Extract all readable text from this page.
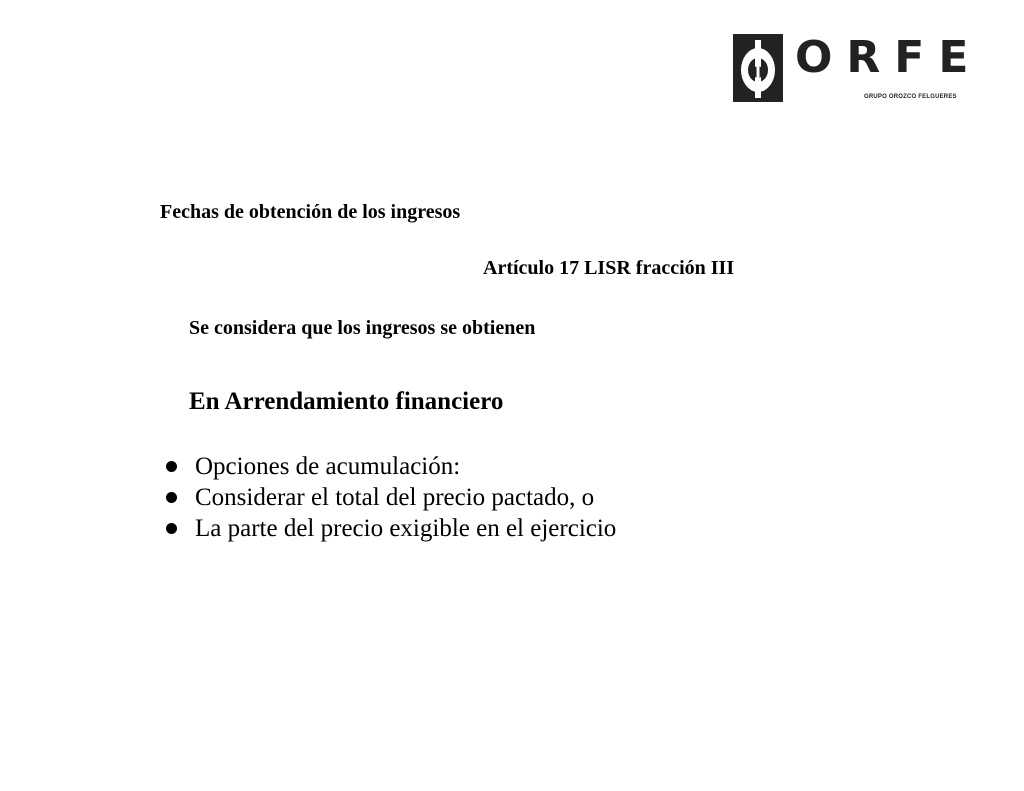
ORFE
GRUPO OROZCO FELGUERES

Fechas de obtención de los ingresos

Artículo 17 LISR fracción III

Se considera que los ingresos se obtienen

En Arrendamiento financiero

Opciones de acumulación:
Considerar el total del precio pactado, o
La parte del precio exigible en el ejercicio
